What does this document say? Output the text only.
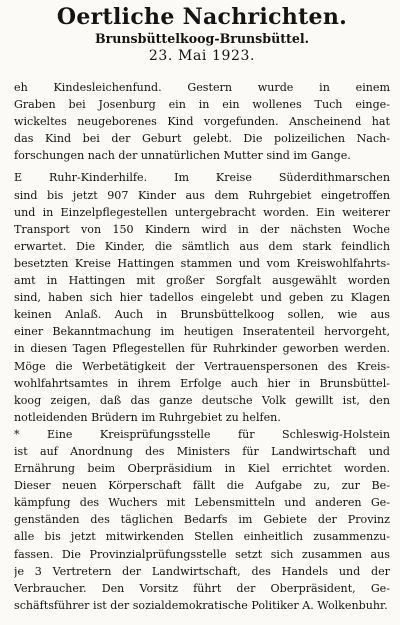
Oertliche Nachrichten.

Brunsbüttelkoog-Brunsbüttel.

23. Mai 1923.

eh Kindesleichenfund. Gestern wurde in einem
Graben bei Josenburg ein in ein wollenes Tuch einge-
wickeltes neugeborenes Kind vorgefunden. Anscheinend hat
das Kind bei der Geburt gelebt. Die polizeilichen Nach-
forschungen nach der unnatürlichen Mutter sind im Gange.
E Ruhr-Kinderhilfe. Im Kreise Süderdithmarschen
sind bis jetzt 907 Kinder aus dem Ruhrgebiet eingetroffen
und in Einzelpflegestellen untergebracht worden. Ein weiterer
Transport von 150 Kindern wird in der nächsten Woche
erwartet. Die Kinder, die sämtlich aus dem stark feindlich
besetzten Kreise Hattingen stammen und vom Kreiswohlfahrts-
amt in Hattingen mit großer Sorgfalt ausgewählt worden
sind, haben sich hier tadellos eingelebt und geben zu Klagen
keinen Anlaß. Auch in Brunsbüttelkoog sollen, wie aus
einer Bekanntmachung im heutigen Inseratenteil hervorgeht,
in diesen Tagen Pflegestellen für Ruhrkinder geworben werden.
Möge die Werbetätigkeit der Vertrauenspersonen des Kreis-
wohlfahrtsamtes in ihrem Erfolge auch hier in Brunsbüttel-
koog zeigen, daß das ganze deutsche Volk gewillt ist, den
notleidenden Brüdern im Ruhrgebiet zu helfen.
* Eine Kreisprüfungsstelle für Schleswig-Holstein
ist auf Anordnung des Ministers für Landwirtschaft und
Ernährung beim Oberpräsidium in Kiel errichtet worden.
Dieser neuen Körperschaft fällt die Aufgabe zu, zur Be-
kämpfung des Wuchers mit Lebensmitteln und anderen Ge-
genständen des täglichen Bedarfs im Gebiete der Provinz
alle bis jetzt mitwirkenden Stellen einheitlich zusammenzu-
fassen. Die Provinzialprüfungsstelle setzt sich zusammen aus
je 3 Vertretern der Landwirtschaft, des Handels und der
Verbraucher. Den Vorsitz führt der Oberpräsident, Ge-
schäftsführer ist der sozialdemokratische Politiker A. Wolkenbuhr.
